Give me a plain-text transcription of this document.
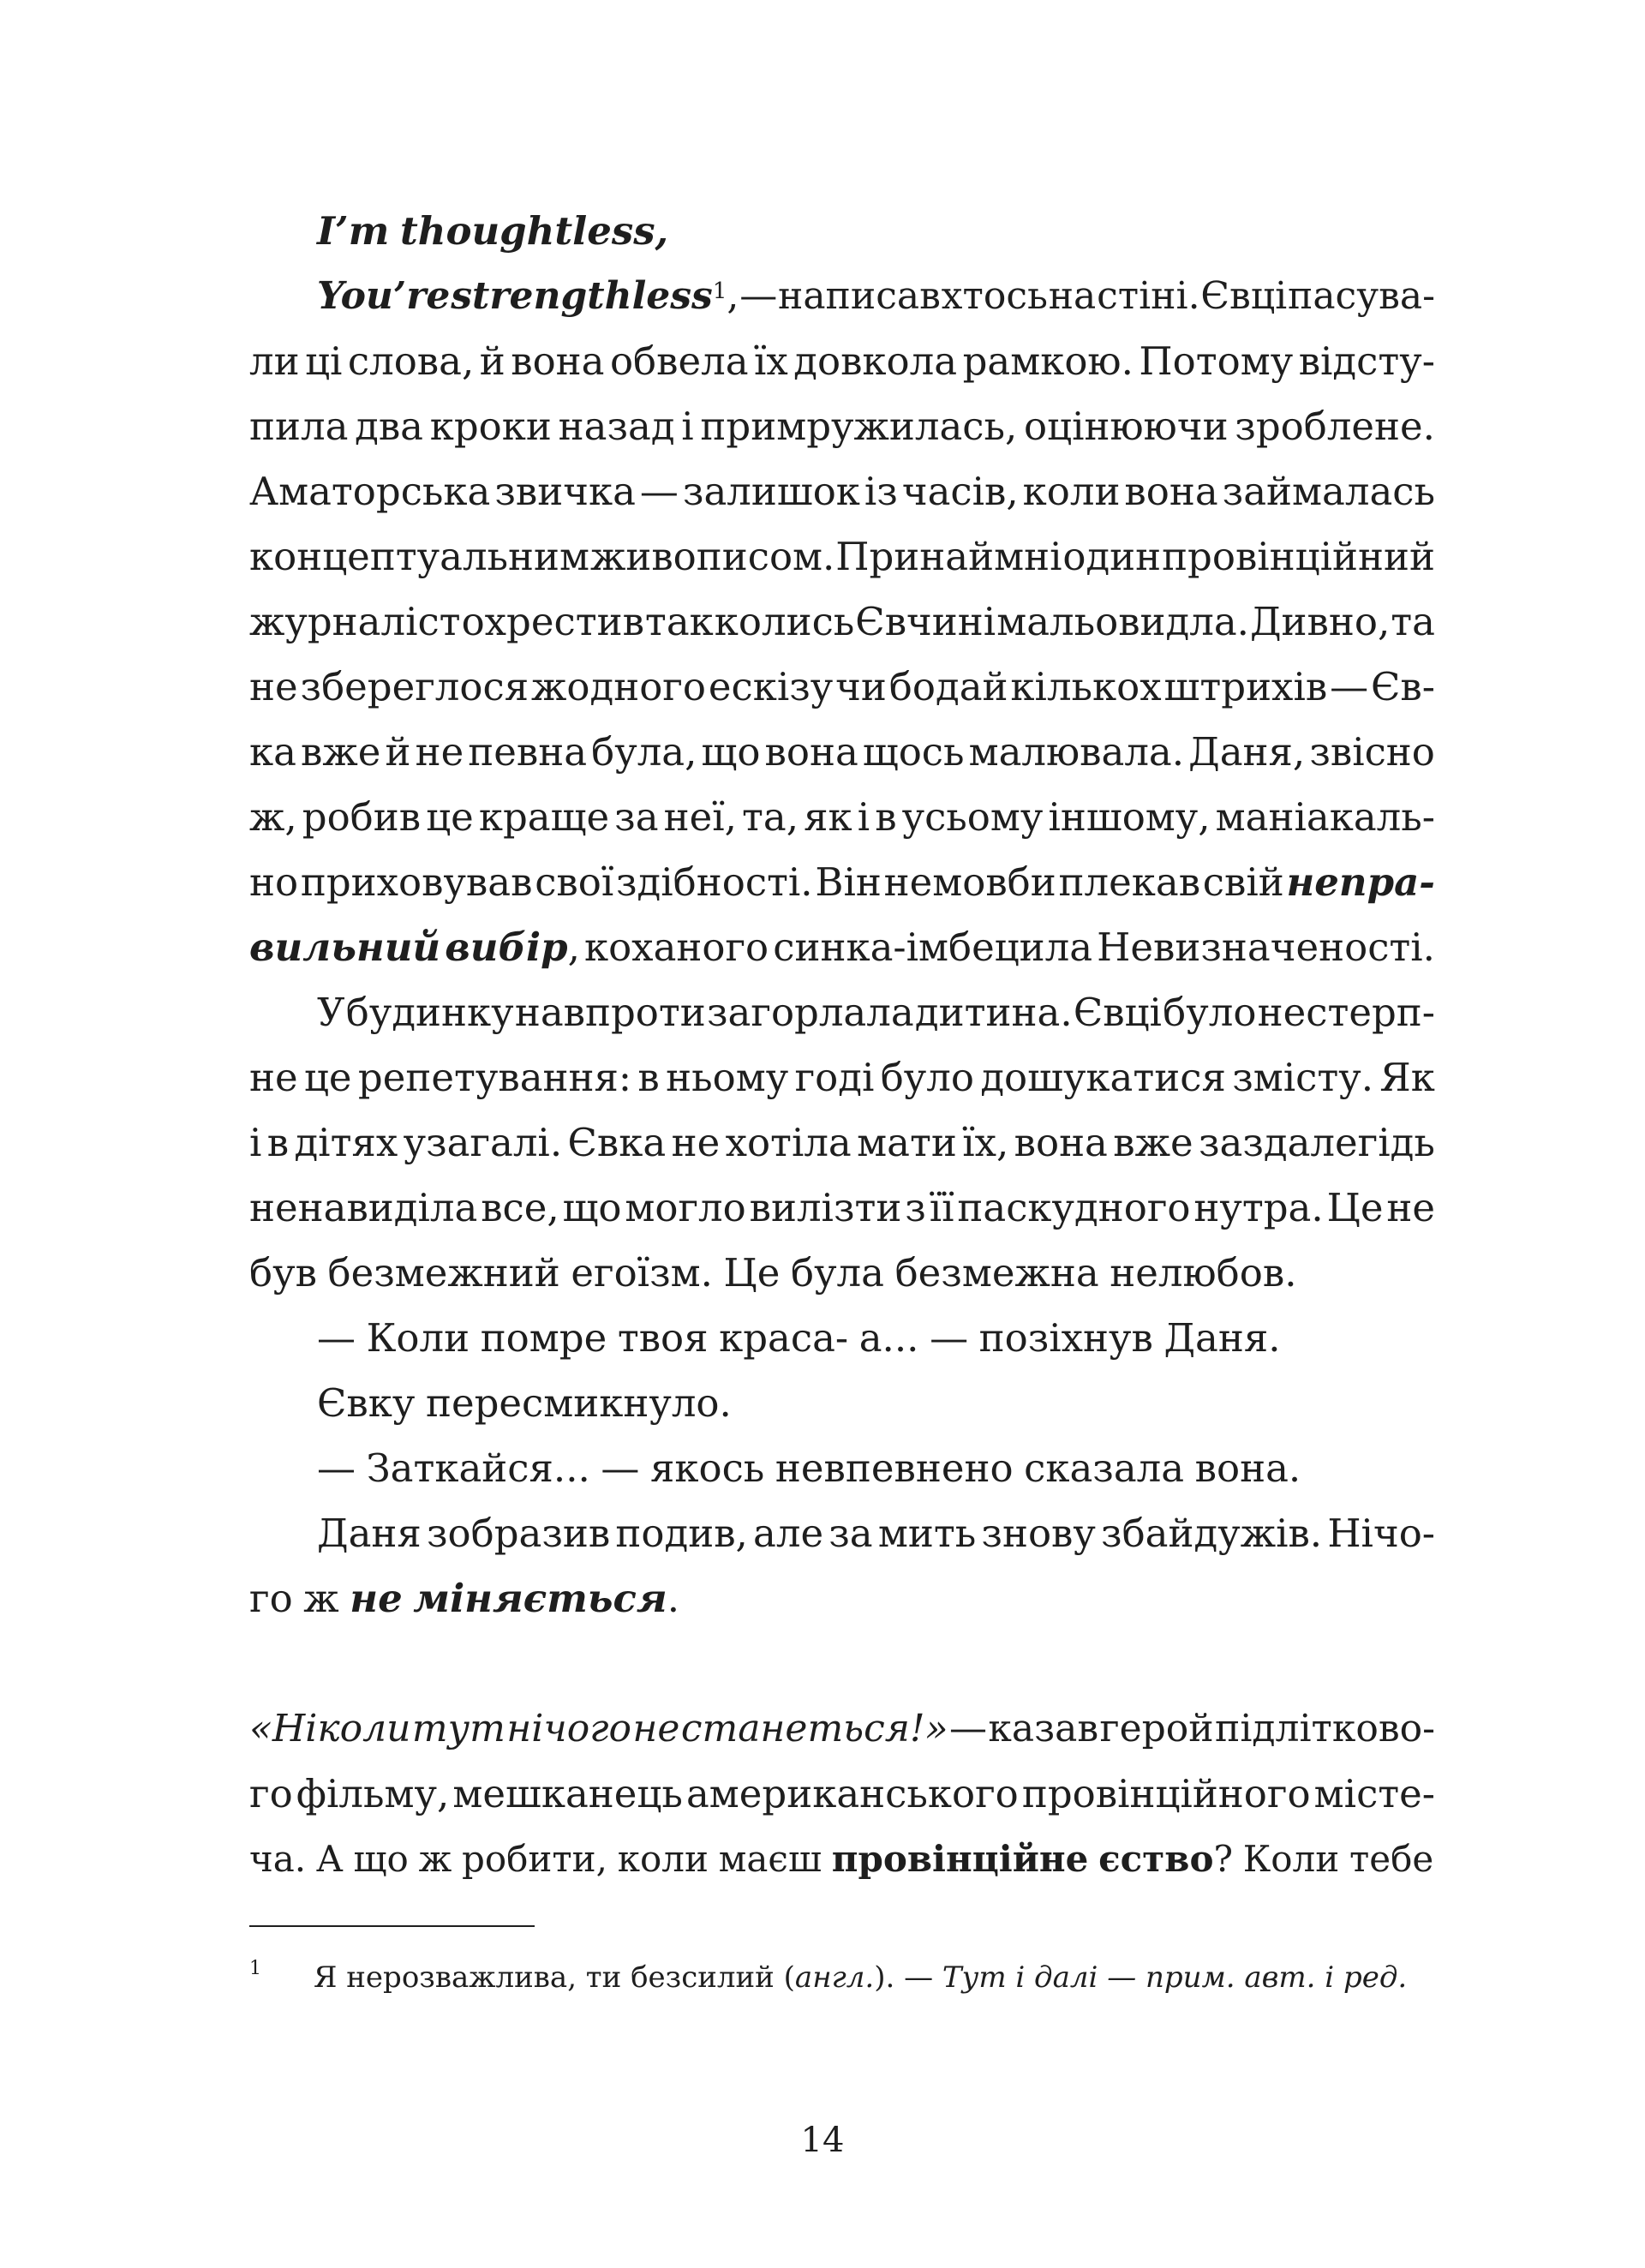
I’m thoughtless,
You’re strengthless$^1$, — написав хтось на стіні. Євці пасува-
ли ці слова, й вона обвела їх довкола рамкою. Потому відсту-
пила два кроки назад і примружилась, оцінюючи зроблене.
Аматорська звичка — залишок із часів, коли вона займалась
концептуальним живописом. Принаймні один провінційний
журналіст охрестив так колись Євчині мальовидла. Дивно, та
не збереглося жодного ескізу чи бодай кількох штрихів — Єв-
ка вже й не певна була, що вона щось малювала. Даня, звісно
ж, робив це краще за неї, та, як і в усьому іншому, маніакаль-
но приховував свої здібності. Він немовби плекав свій непра-
вильний вибір, коханого синка-імбецила Невизначеності.
У будинку навпроти загорлала дитина. Євці було нестерп-
не це репетування: в ньому годі було дошукатися змісту. Як
і в дітях узагалі. Євка не хотіла мати їх, вона вже заздалегідь
ненавиділа все, що могло вилізти з її паскудного нутра. Це не
був безмежний егоїзм. Це була безмежна нелюбов.
— Коли помре твоя краса- а... — позіхнув Даня.
Євку пересмикнуло.
— Заткайся... — якось невпевнено сказала вона.
Даня зобразив подив, але за мить знову збайдужів. Нічо-
го ж не міняється.
«Ніколи тут нічого не станеться!» — казав герой підлітково-
го фільму, мешканець американського провінційного місте-
ча. А що ж робити, коли маєш провінційне єство? Коли тебе
1	Я нерозважлива, ти безсилий (англ.). — Тут і далі — прим. авт. і ред.
14
